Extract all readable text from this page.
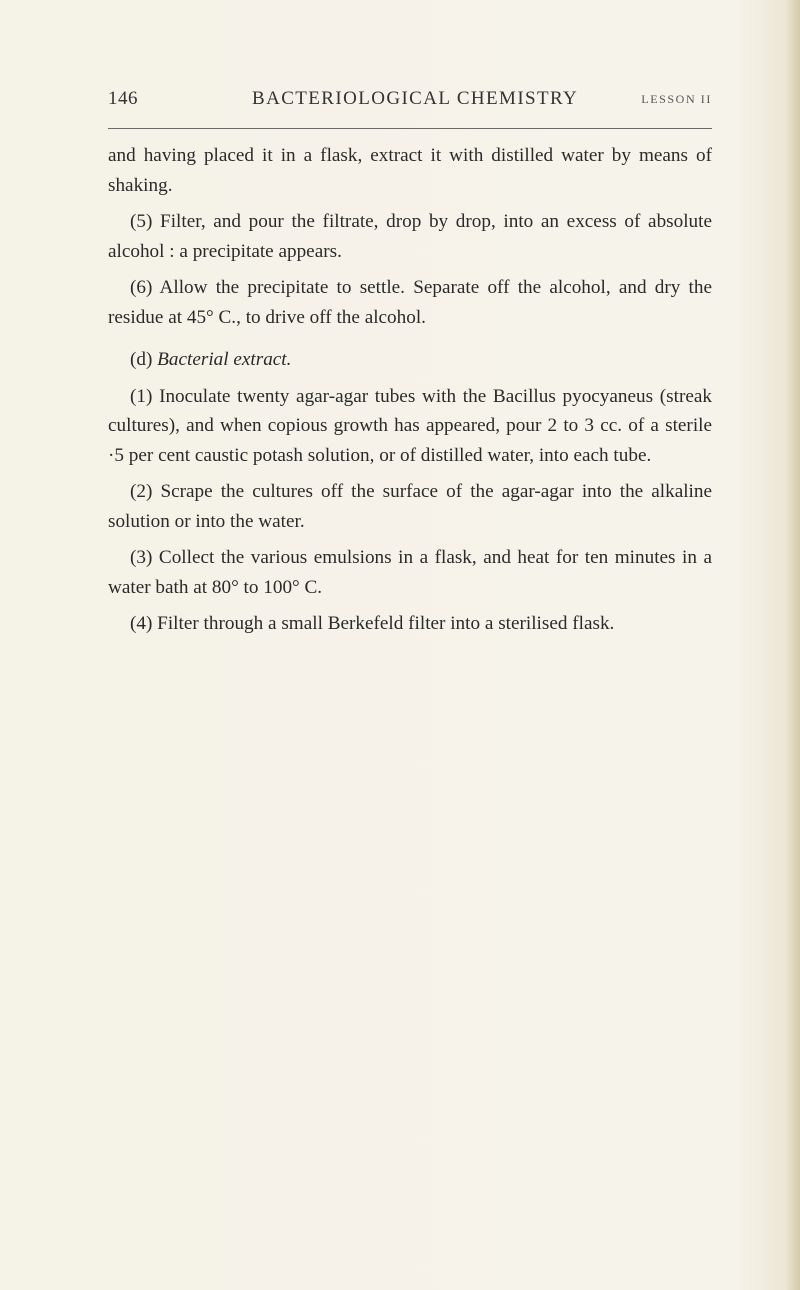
146	BACTERIOLOGICAL CHEMISTRY	LESSON II

and having placed it in a flask, extract it with distilled water by means of shaking.

(5) Filter, and pour the filtrate, drop by drop, into an excess of absolute alcohol : a precipitate appears.

(6) Allow the precipitate to settle. Separate off the alcohol, and dry the residue at 45° C., to drive off the alcohol.

(d) Bacterial extract.

(1) Inoculate twenty agar-agar tubes with the Bacillus pyocyaneus (streak cultures), and when copious growth has appeared, pour 2 to 3 cc. of a sterile ·5 per cent caustic potash solution, or of distilled water, into each tube.

(2) Scrape the cultures off the surface of the agar-agar into the alkaline solution or into the water.

(3) Collect the various emulsions in a flask, and heat for ten minutes in a water bath at 80° to 100° C.

(4) Filter through a small Berkefeld filter into a sterilised flask.
